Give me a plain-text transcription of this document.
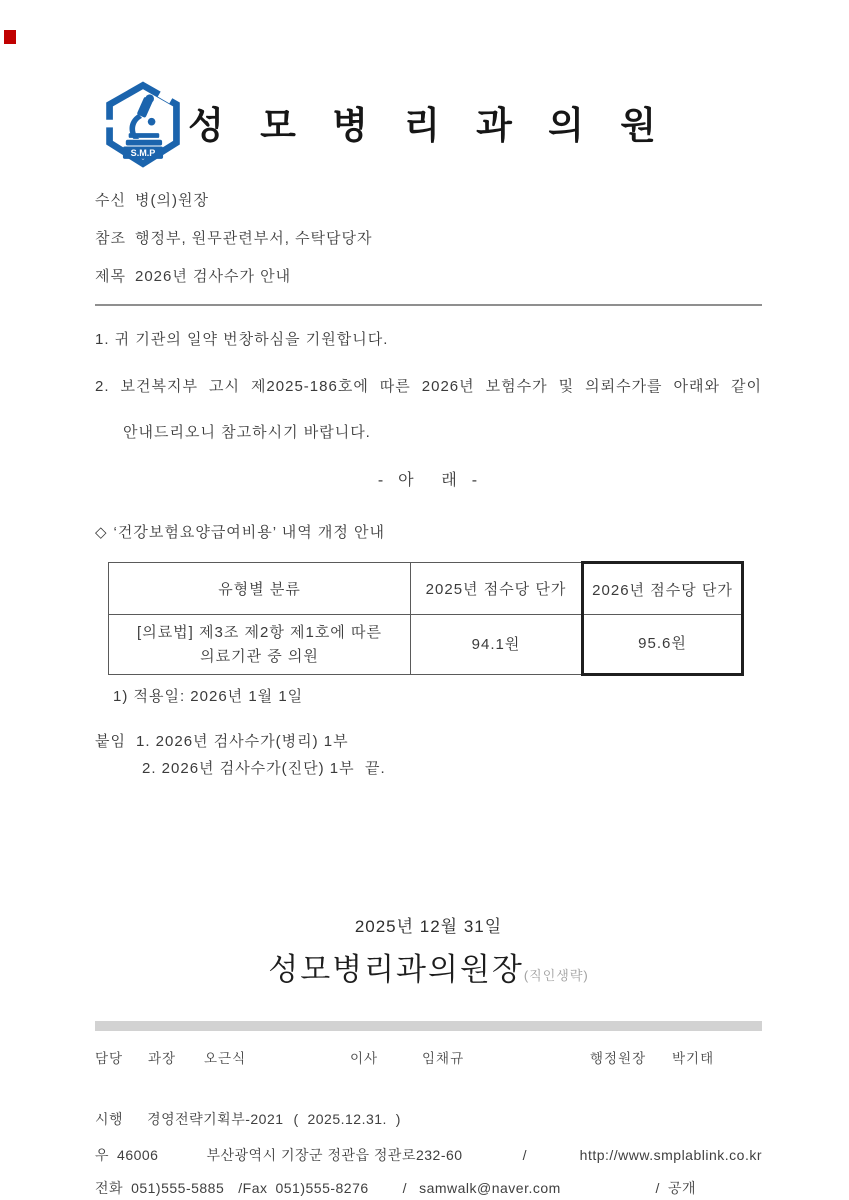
S.M.P
성 모 병 리 과 의 원
수신 병(의)원장
참조 행정부, 원무관련부서, 수탁담당자
제목 2026년 검사수가 안내
1. 귀 기관의 일약 번창하심을 기원합니다.
2. 보건복지부 고시 제2025-186호에 따른 2026년 보험수가 및 의뢰수가를 아래와 같이
안내드리오니 참고하시기 바랍니다.
-  아    래  -
◇ ‘건강보험요양급여비용’ 내역 개정 안내
유형별 분류	2025년 점수당 단가	2026년 점수당 단가

[의료법] 제3조 제2항 제1호에 따른
의료기관 중 의원	94.1원	95.6원
1) 적용일: 2026년 1월 1일
붙임 1. 2026년 검사수가(병리) 1부
2. 2026년 검사수가(진단) 1부  끝.
2025년 12월 31일
성모병리과의원장(직인생략)
담당	과장	오근식	이사	임채규	행정원장	박기태
시행 경영전략기획부-2021 (  2025.12.31.  )
우 46006	부산광역시 기장군 정관읍 정관로232-60	/	http://www.smplablink.co.kr
전화 051)555-5885 /Fax 051)555-8276 / samwalk@naver.com	/ 공개
